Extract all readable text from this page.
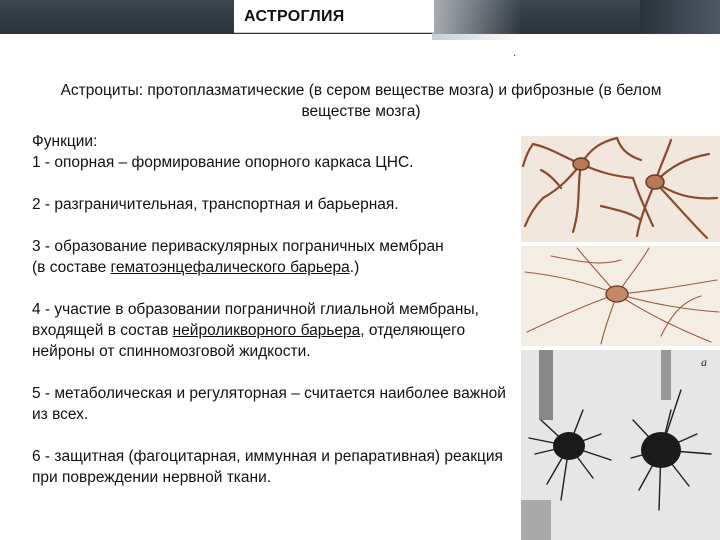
АСТРОГЛИЯ
.
Астроциты: протоплазматические (в сером веществе мозга) и фиброзные (в белом веществе мозга)

Функции:

1 - опорная – формирование опорного каркаса ЦНС.

2 - разграничительная, транспортная и барьерная.

3 - образование периваскулярных пограничных мембран
(в составе гематоэнцефалического барьера.)

4 - участие в образовании пограничной глиальной мембраны, входящей в состав нейроликворного барьера, отделяющего нейроны от спинномозговой жидкости.

5 - метаболическая и регуляторная – считается наиболее важной из всех.

6 - защитная (фагоцитарная, иммунная и репаративная) реакция при повреждении нервной ткани.

a
